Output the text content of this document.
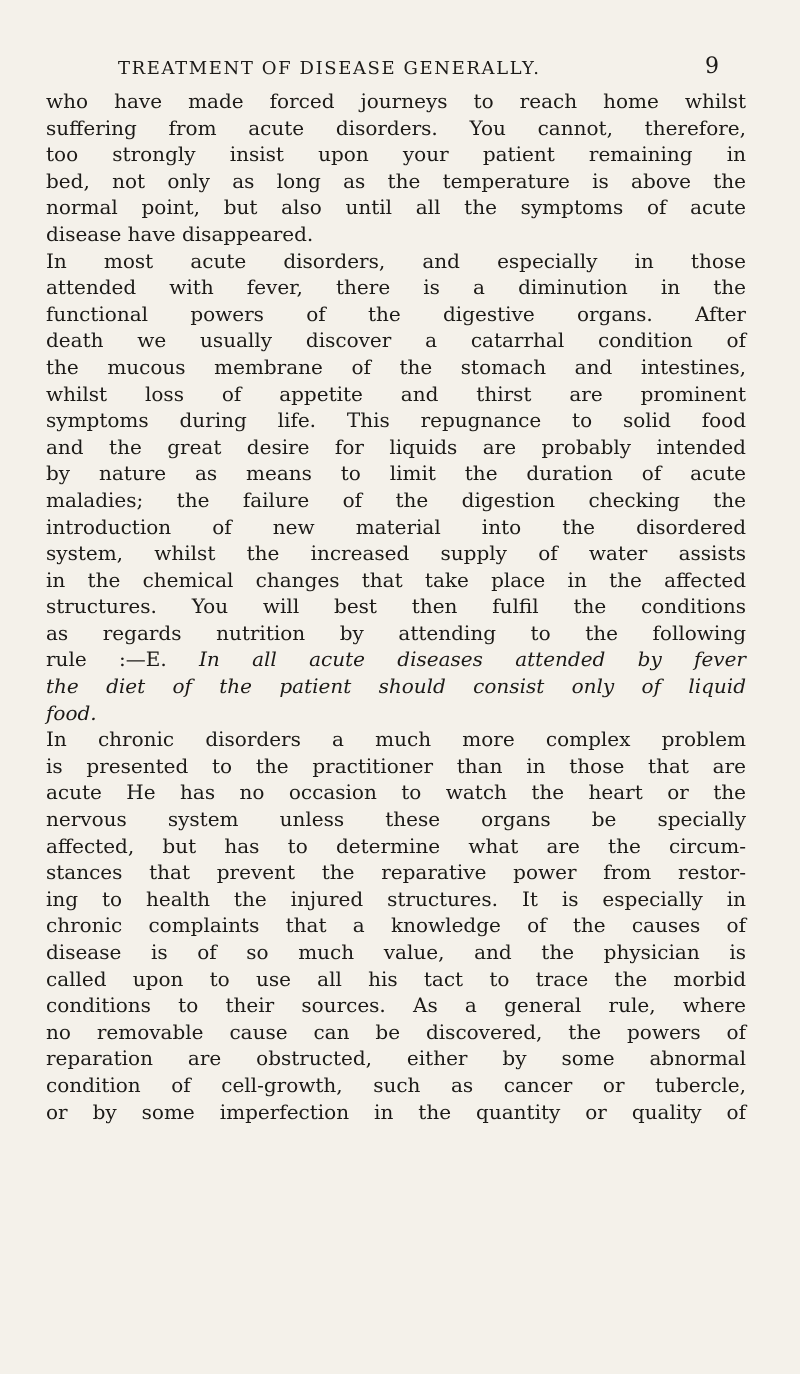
TREATMENT OF DISEASE GENERALLY.	9
who have made forced journeys to reach home whilst
suffering from acute disorders. You cannot, therefore,
too strongly insist upon your patient remaining in
bed, not only as long as the temperature is above the
normal point, but also until all the symptoms of acute
disease have disappeared.
In most acute disorders, and especially in those
attended with fever, there is a diminution in the
functional powers of the digestive organs. After
death we usually discover a catarrhal condition of
the mucous membrane of the stomach and intestines,
whilst loss of appetite and thirst are prominent
symptoms during life. This repugnance to solid food
and the great desire for liquids are probably intended
by nature as means to limit the duration of acute
maladies; the failure of the digestion checking the
introduction of new material into the disordered
system, whilst the increased supply of water assists
in the chemical changes that take place in the affected
structures. You will best then fulfil the conditions
as regards nutrition by attending to the following
rule :—E. In all acute diseases attended by fever
the diet of the patient should consist only of liquid
food.
In chronic disorders a much more complex problem
is presented to the practitioner than in those that are
acute He has no occasion to watch the heart or the
nervous system unless these organs be specially
affected, but has to determine what are the circum-
stances that prevent the reparative power from restor-
ing to health the injured structures. It is especially in
chronic complaints that a knowledge of the causes of
disease is of so much value, and the physician is
called upon to use all his tact to trace the morbid
conditions to their sources. As a general rule, where
no removable cause can be discovered, the powers of
reparation are obstructed, either by some abnormal
condition of cell-growth, such as cancer or tubercle,
or by some imperfection in the quantity or quality of
